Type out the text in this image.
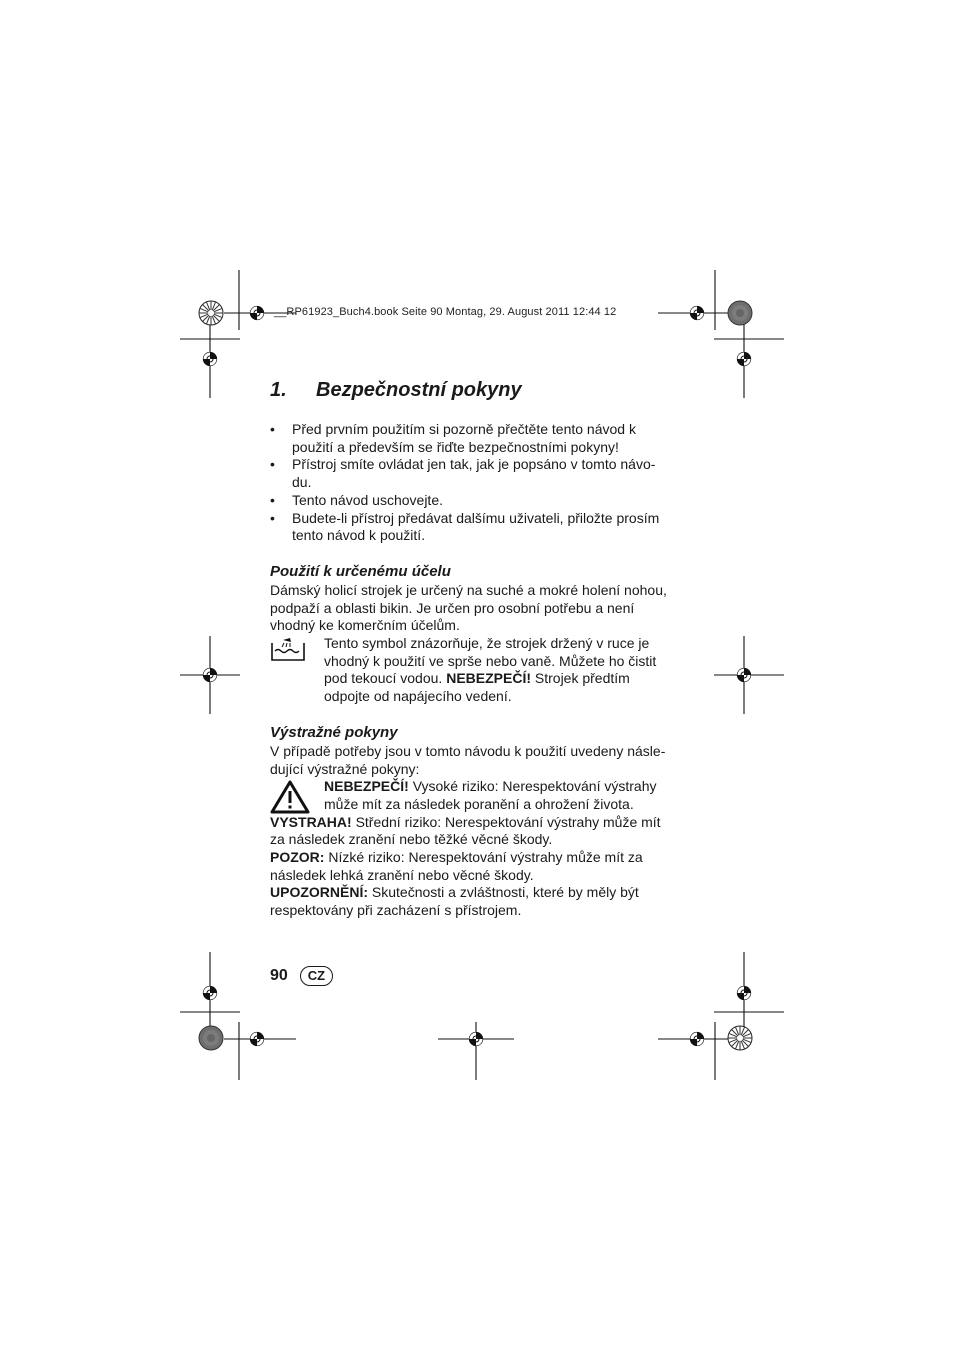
__RP61923_Buch4.book Seite 90 Montag, 29. August 2011 12:44 12
1. Bezpečnostní pokyny
• Před prvním použitím si pozorně přečtěte tento návod k použití a především se řiďte bezpečnostními pokyny!
• Přístroj smíte ovládat jen tak, jak je popsáno v tomto návo-du.
• Tento návod uschovejte.
• Budete-li přístroj předávat dalšímu uživateli, přiložte prosím tento návod k použití.
Použití k určenému účelu

Dámský holicí strojek je určený na suché a mokré holení nohou, podpaží a oblasti bikin. Je určen pro osobní potřebu a není vhodný ke komerčním účelům.

Tento symbol znázorňuje, že strojek držený v ruce je vhodný k použití ve sprše nebo vaně. Můžete ho čistit pod tekoucí vodou. NEBEZPEČÍ! Strojek předtím odpojte od napájecího vedení.
Výstražné pokyny

V případě potřeby jsou v tomto návodu k použití uvedeny násle-dující výstražné pokyny:

NEBEZPEČÍ! Vysoké riziko: Nerespektování výstrahy může mít za následek poranění a ohrožení života.

VYSTRAHA! Střední riziko: Nerespektování výstrahy může mít za následek zranění nebo těžké věcné škody.

POZOR: Nízké riziko: Nerespektování výstrahy může mít za následek lehká zranění nebo věcné škody.

UPOZORNĚNÍ: Skutečnosti a zvláštnosti, které by měly být respektovány při zacházení s přístrojem.

90	CZ
